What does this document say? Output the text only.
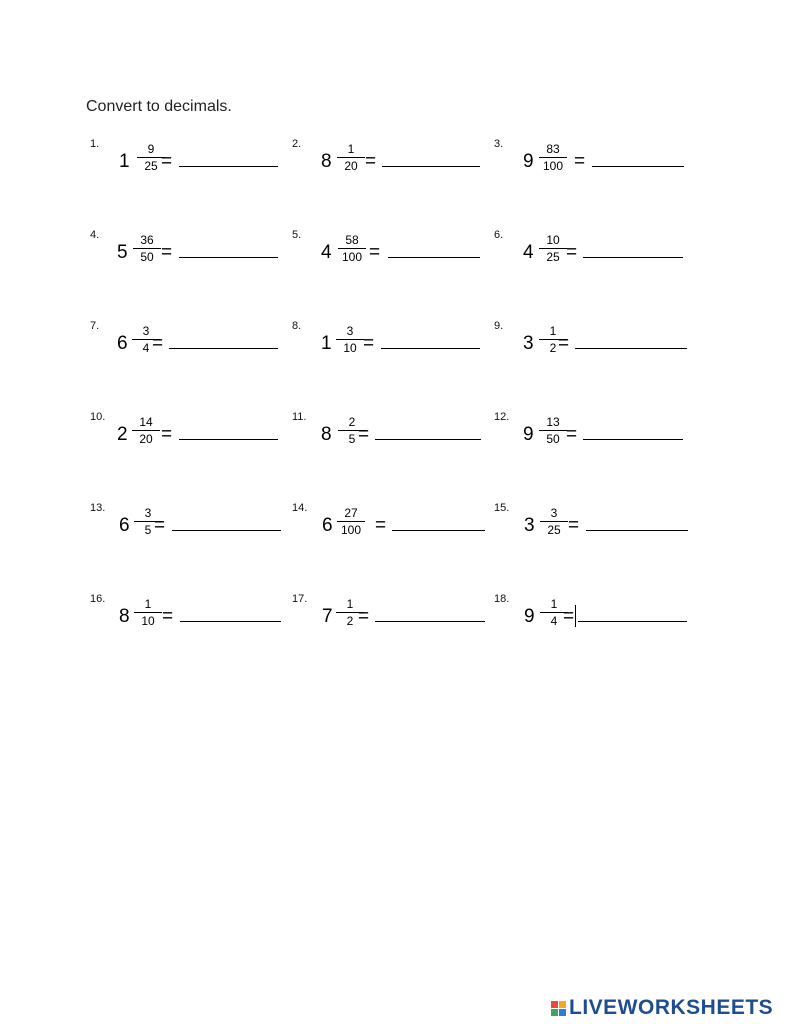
Convert to decimals.
1.
1
9
25 =
2.
8
1
20 =
3.
9
83
100 =
4.
5
36
50 =
5.
4
58
100 =
6.
4
10
25 =
7.
6
3
4 =
8.
1
3
10 =
9.
3
1
2 =
10.
2
14
20 =
11.
8
2
5 =
12.
9
13
50 =
13.
6
3
5 =
14.
6
27
100 =
15.
3
3
25 =
16.
8
1
10 =
17.
7
1
2 =
18.
9
1
4 =
LIVEWORKSHEETS
